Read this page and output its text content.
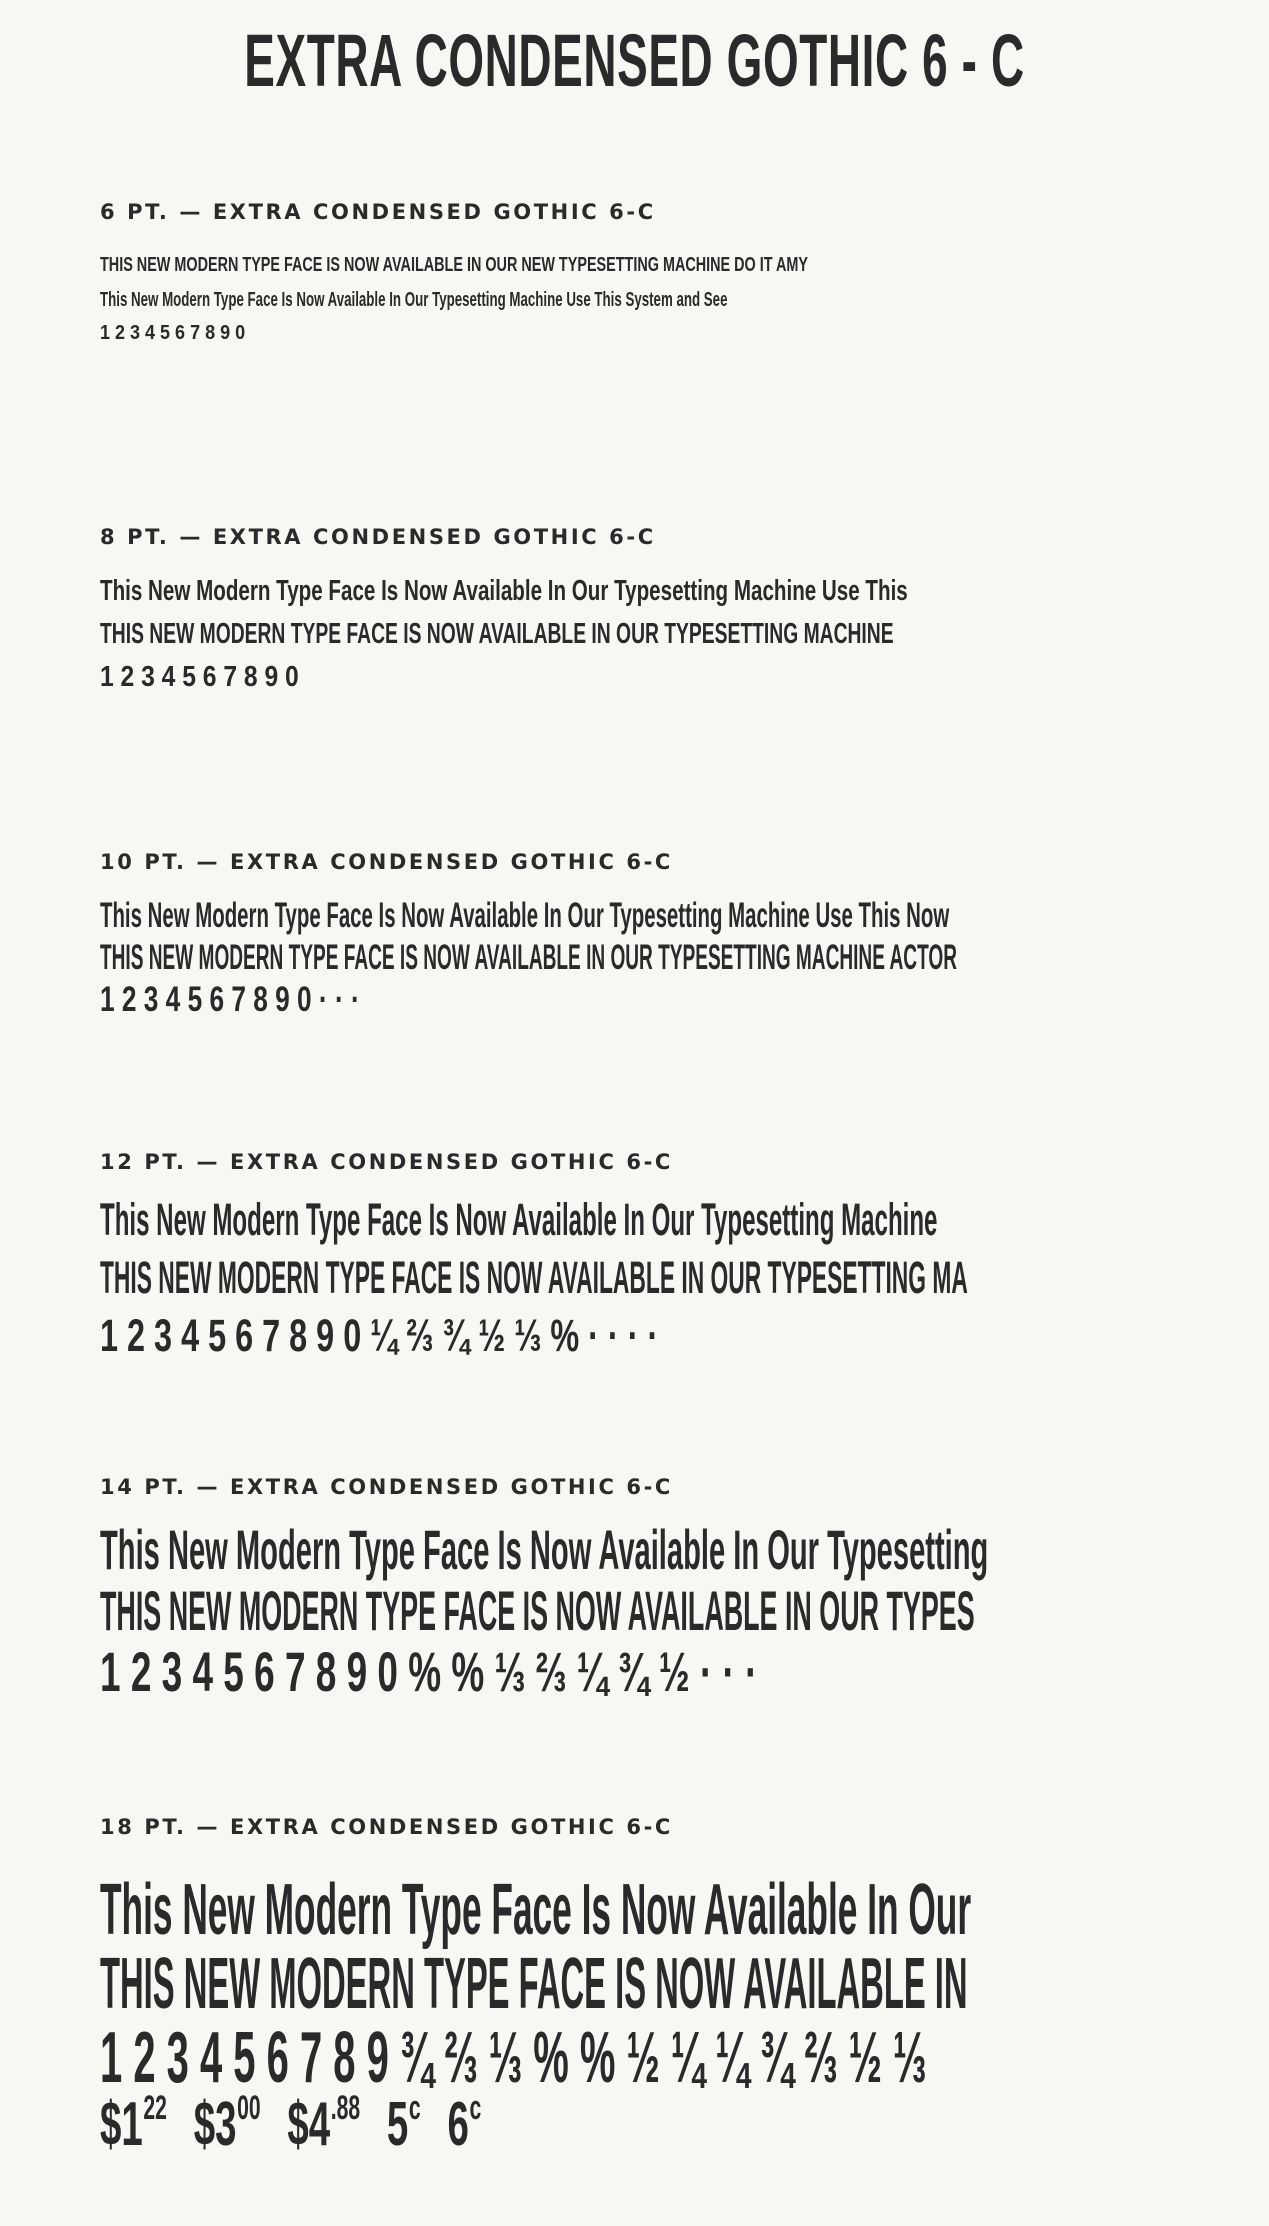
EXTRA CONDENSED GOTHIC 6 - C
6 PT. — EXTRA CONDENSED GOTHIC 6-C
THIS NEW MODERN TYPE FACE IS NOW AVAILABLE IN OUR NEW TYPESETTING MACHINE DO IT AMY
This New Modern Type Face Is Now Available In Our Typesetting Machine Use This System and See
1 2 3 4 5 6 7 8 9 0
8 PT. — EXTRA CONDENSED GOTHIC 6-C
This New Modern Type Face Is Now Available In Our Typesetting Machine Use This
THIS NEW MODERN TYPE FACE IS NOW AVAILABLE IN OUR TYPESETTING MACHINE
1 2 3 4 5 6 7 8 9 0
10 PT. — EXTRA CONDENSED GOTHIC 6-C
This New Modern Type Face Is Now Available In Our Typesetting Machine Use This Now
THIS NEW MODERN TYPE FACE IS NOW AVAILABLE IN OUR TYPESETTING MACHINE ACTOR
1 2 3 4 5 6 7 8 9 0 · · ·
12 PT. — EXTRA CONDENSED GOTHIC 6-C
This New Modern Type Face Is Now Available In Our Typesetting Machine
THIS NEW MODERN TYPE FACE IS NOW AVAILABLE IN OUR TYPESETTING MA
1 2 3 4 5 6 7 8 9 0 ¼ ⅔ ¾ ½ ⅓ % · · · ·
14 PT. — EXTRA CONDENSED GOTHIC 6-C
This New Modern Type Face Is Now Available In Our Typesetting
THIS NEW MODERN TYPE FACE IS NOW AVAILABLE IN OUR TYPES
1 2 3 4 5 6 7 8 9 0 % % ⅓ ⅔ ¼ ¾ ½ · · ·
18 PT. — EXTRA CONDENSED GOTHIC 6-C
This New Modern Type Face Is Now Available In Our
THIS NEW MODERN TYPE FACE IS NOW AVAILABLE IN
1 2 3 4 5 6 7 8 9 ¾ ⅔ ⅓ % % ½ ¼ ¼ ¾ ⅔ ½ ⅓
$\$1^{22}$ $\$3^{00}$ $\$4^{.88}$ 5$^c$ 6$^c$
